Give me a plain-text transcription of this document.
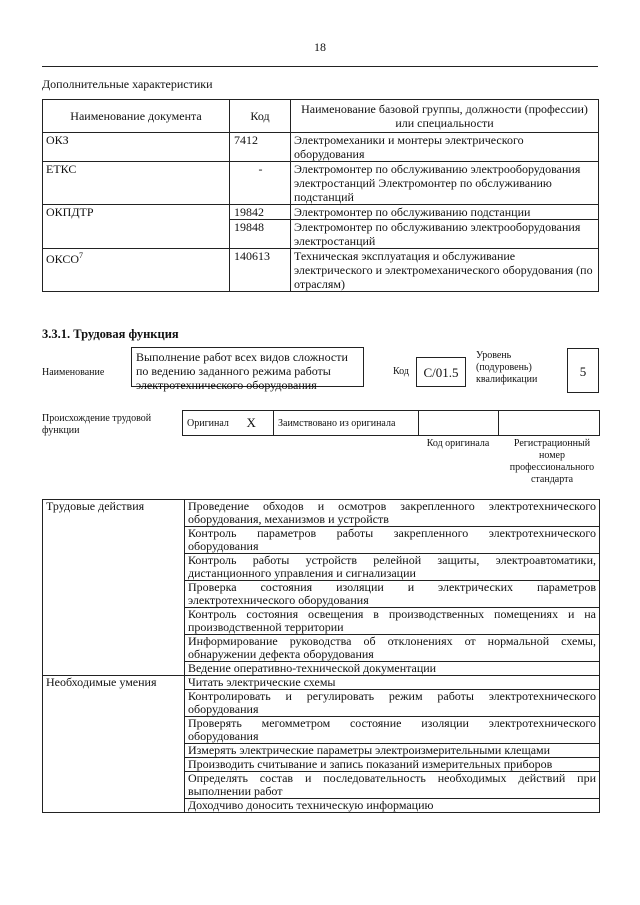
18
Дополнительные характеристики
Наименование документа	Код	Наименование базовой группы, должности (профессии) или специальности
ОКЗ	7412	Электромеханики и монтеры электрического оборудования
ЕТКС	-	Электромонтер по обслуживанию электрооборудования электростанций Электромонтер по обслуживанию подстанций
ОКПДТР	19842	Электромонтер по обслуживанию подстанции
	19848	Электромонтер по обслуживанию электрооборудования электростанций
ОКСО$^7$	140613	Техническая эксплуатация и обслуживание электрического и электромеханического оборудования (по отраслям)
3.3.1. Трудовая функция
Наименование
Выполнение работ всех видов сложности по ведению заданного режима работы электротехнического оборудования
Код	C/01.5
Уровень (подуровень) квалификации
5
Происхождение трудовой функции
Оригинал	X	Заимствовано из оригинала		
Код оригинала	Регистрационный номер профессионального стандарта
Трудовые действия	Проведение обходов и осмотров закрепленного электротехнического оборудования, механизмов и устройств
	Контроль параметров работы закрепленного электротехнического оборудования
	Контроль работы устройств релейной защиты, электроавтоматики, дистанционного управления и сигнализации
	Проверка состояния изоляции и электрических параметров электротехнического оборудования
	Контроль состояния освещения в производственных помещениях и на производственной территории
	Информирование руководства об отклонениях от нормальной схемы, обнаружении дефекта оборудования
	Ведение оперативно-технической документации
Необходимые умения	Читать электрические схемы
	Контролировать и регулировать режим работы электротехнического оборудования
	Проверять мегомметром состояние изоляции электротехнического оборудования
	Измерять электрические параметры электроизмерительными клещами
	Производить считывание и запись показаний измерительных приборов
	Определять состав и последовательность необходимых действий при выполнении работ
	Доходчиво доносить техническую информацию
